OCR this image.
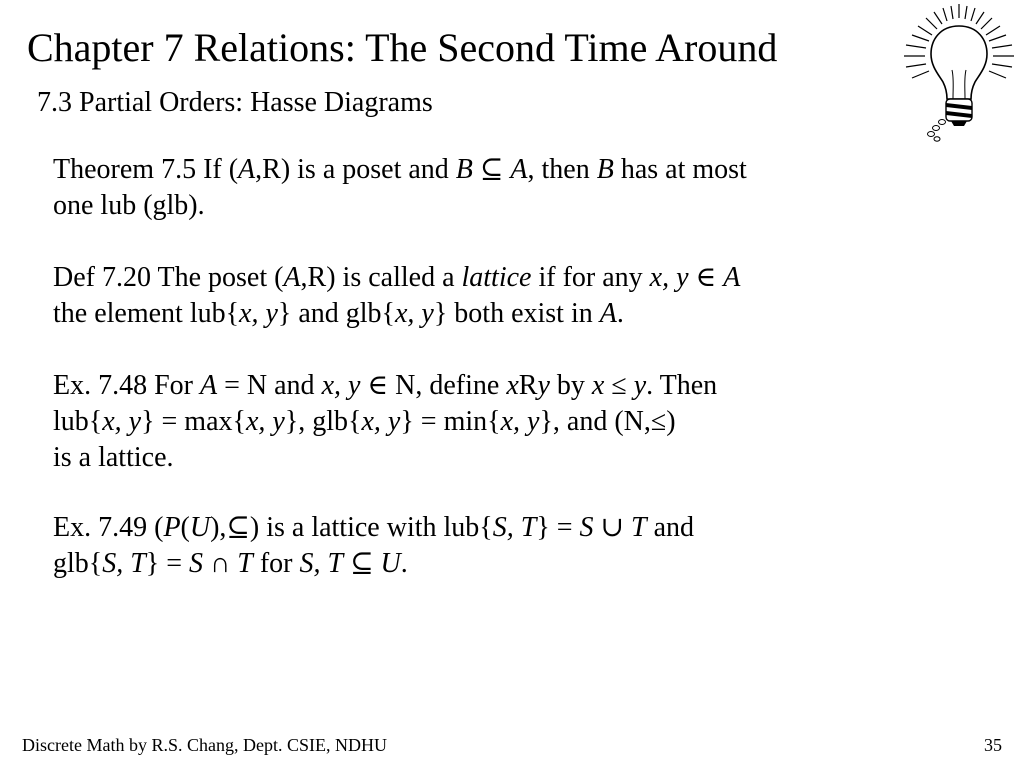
Chapter 7 Relations: The Second Time Around
7.3 Partial Orders: Hasse Diagrams
Theorem 7.5 If (A,R) is a poset and B ⊆ A, then B has at most
one lub (glb).
Def 7.20 The poset (A,R) is called a lattice if for any x, y ∈ A
the element lub{x, y} and glb{x, y} both exist in A.
Ex. 7.48 For A = N and x, y ∈ N, define xRy by x ≤ y. Then
lub{x, y} = max{x, y}, glb{x, y} = min{x, y}, and (N,≤)
is a lattice.
Ex. 7.49 (P(U),⊆) is a lattice with lub{S, T} = S ∪ T and
glb{S, T} = S ∩ T for S, T ⊆ U.
Discrete Math by R.S. Chang, Dept. CSIE, NDHU	35
